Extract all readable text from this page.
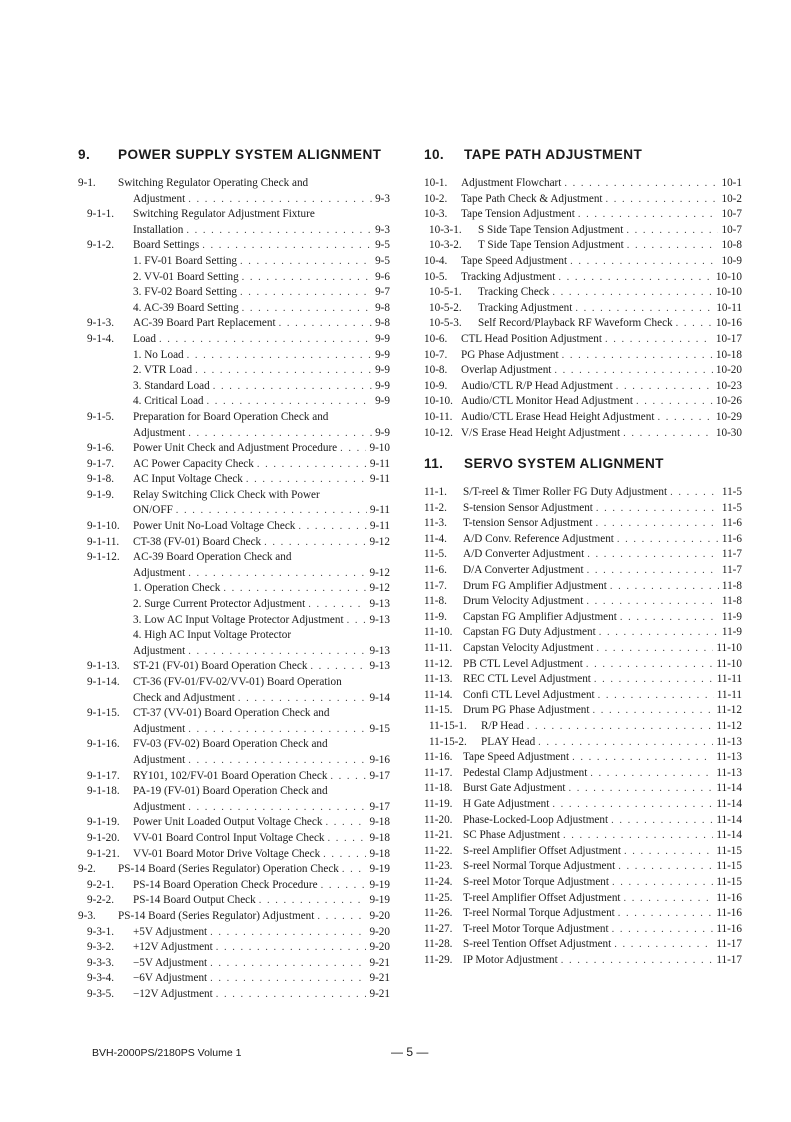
9.	POWER SUPPLY SYSTEM ALIGNMENT
9-1. Switching Regulator Operating Check and
Adjustment . . .	9-3
9-1-1. Switching Regulator Adjustment Fixture
Installation . . .	9-3
9-1-2. Board Settings . . .	9-5
1. FV-01 Board Setting . . .	9-5
2. VV-01 Board Setting . . .	9-6
3. FV-02 Board Setting . . .	9-7
4. AC-39 Board Setting . . .	9-8
9-1-3. AC-39 Board Part Replacement . . .	9-8
9-1-4. Load . . .	9-9
1. No Load . . .	9-9
2. VTR Load . . .	9-9
3. Standard Load . . .	9-9
4. Critical Load . . .	9-9
9-1-5. Preparation for Board Operation Check and
Adjustment . . .	9-9
9-1-6. Power Unit Check and Adjustment Procedure . . .	9-10
9-1-7. AC Power Capacity Check . . .	9-11
9-1-8. AC Input Voltage Check . . .	9-11
9-1-9. Relay Switching Click Check with Power
ON/OFF . . .	9-11
9-1-10. Power Unit No-Load Voltage Check . . .	9-11
9-1-11. CT-38 (FV-01) Board Check . . .	9-12
9-1-12. AC-39 Board Operation Check and
Adjustment . . .	9-12
1. Operation Check . . .	9-12
2. Surge Current Protector Adjustment . . .	9-13
3. Low AC Input Voltage Protector Adjustment . . . 9-13
4. High AC Input Voltage Protector
Adjustment . . .	9-13
9-1-13. ST-21 (FV-01) Board Operation Check . . .	9-13
9-1-14. CT-36 (FV-01/FV-02/VV-01) Board Operation
Check and Adjustment . . .	9-14
9-1-15. CT-37 (VV-01) Board Operation Check and
Adjustment . . .	9-15
9-1-16. FV-03 (FV-02) Board Operation Check and
Adjustment . . .	9-16
9-1-17. RY101, 102/FV-01 Board Operation Check . . .	9-17
9-1-18. PA-19 (FV-01) Board Operation Check and
Adjustment . . .	9-17
9-1-19. Power Unit Loaded Output Voltage Check . . .	9-18
9-1-20. VV-01 Board Control Input Voltage Check . . .	9-18
9-1-21. VV-01 Board Motor Drive Voltage Check . . .	9-18
9-2. PS-14 Board (Series Regulator) Operation Check . . .	9-19
9-2-1. PS-14 Board Operation Check Procedure . . .	9-19
9-2-2. PS-14 Board Output Check . . .	9-19
9-3. PS-14 Board (Series Regulator) Adjustment . . .	9-20
9-3-1. +5V Adjustment . . .	9-20
9-3-2. +12V Adjustment . . .	9-20
9-3-3. −5V Adjustment . . .	9-21
9-3-4. −6V Adjustment . . .	9-21
9-3-5. −12V Adjustment . . .	9-21
10.	TAPE PATH ADJUSTMENT
10-1. Adjustment Flowchart . . .	10-1
10-2. Tape Path Check & Adjustment . . .	10-2
10-3. Tape Tension Adjustment . . .	10-7
10-3-1. S Side Tape Tension Adjustment . . .	10-7
10-3-2. T Side Tape Tension Adjustment . . .	10-8
10-4. Tape Speed Adjustment . . .	10-9
10-5. Tracking Adjustment . . .	10-10
10-5-1. Tracking Check . . .	10-10
10-5-2. Tracking Adjustment . . .	10-11
10-5-3. Self Record/Playback RF Waveform Check . . .	10-16
10-6. CTL Head Position Adjustment . . .	10-17
10-7. PG Phase Adjustment . . .	10-18
10-8. Overlap Adjustment . . .	10-20
10-9. Audio/CTL R/P Head Adjustment . . .	10-23
10-10. Audio/CTL Monitor Head Adjustment . . .	10-26
10-11. Audio/CTL Erase Head Height Adjustment . . .	10-29
10-12. V/S Erase Head Height Adjustment . . .	10-30
11.	SERVO SYSTEM ALIGNMENT
11-1. S/T-reel & Timer Roller FG Duty Adjustment . . .	11-5
11-2. S-tension Sensor Adjustment . . .	11-5
11-3. T-tension Sensor Adjustment . . .	11-6
11-4. A/D Conv. Reference Adjustment . . .	11-6
11-5. A/D Converter Adjustment . . .	11-7
11-6. D/A Converter Adjustment . . .	11-7
11-7. Drum FG Amplifier Adjustment . . .	11-8
11-8. Drum Velocity Adjustment . . .	11-8
11-9. Capstan FG Amplifier Adjustment . . .	11-9
11-10. Capstan FG Duty Adjustment . . .	11-9
11-11. Capstan Velocity Adjustment . . .	11-10
11-12. PB CTL Level Adjustment . . .	11-10
11-13. REC CTL Level Adjustment . . .	11-11
11-14. Confi CTL Level Adjustment . . .	11-11
11-15. Drum PG Phase Adjustment . . .	11-12
11-15-1. R/P Head . . .	11-12
11-15-2. PLAY Head . . .	11-13
11-16. Tape Speed Adjustment . . .	11-13
11-17. Pedestal Clamp Adjustment . . .	11-13
11-18. Burst Gate Adjustment . . .	11-14
11-19. H Gate Adjustment . . .	11-14
11-20. Phase-Locked-Loop Adjustment . . .	11-14
11-21. SC Phase Adjustment . . .	11-14
11-22. S-reel Amplifier Offset Adjustment . . .	11-15
11-23. S-reel Normal Torque Adjustment . . .	11-15
11-24. S-reel Motor Torque Adjustment . . .	11-15
11-25. T-reel Amplifier Offset Adjustment . . .	11-16
11-26. T-reel Normal Torque Adjustment . . .	11-16
11-27. T-reel Motor Torque Adjustment . . .	11-16
11-28. S-reel Tention Offset Adjustment . . .	11-17
11-29. IP Motor Adjustment . . .	11-17
BVH-2000PS/2180PS Volume 1	— 5 —
